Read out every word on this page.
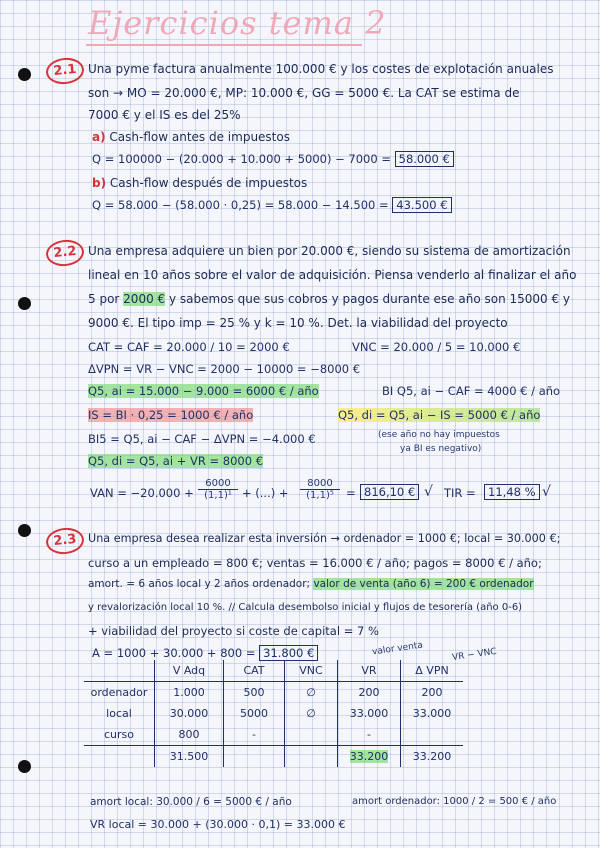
Ejercicios tema 2
2.1 Una pyme factura anualmente 100.000 € y los costes de explotación anuales
son → MO = 20.000 €, MP: 10.000 €, GG = 5000 €. La CAT se estima de
7000 € y el IS es del 25%
a) Cash-flow antes de impuestos
Q = 100000 − (20.000 + 10.000 + 5000) − 7000 = 58.000 €
b) Cash-flow después de impuestos
Q = 58.000 − (58.000 · 0,25) = 58.000 − 14.500 = 43.500 €
2.2 Una empresa adquiere un bien por 20.000 €, siendo su sistema de amortización
lineal en 10 años sobre el valor de adquisición. Piensa venderlo al finalizar el año
5 por 2000 € y sabemos que sus cobros y pagos durante ese año son 15000 € y
9000 €. El tipo imp = 25 % y k = 10 %. Det. la viabilidad del proyecto
CAT = CAF = 20.000 / 10 = 2000 €	VNC = 20.000 / 5 = 10.000 €
ΔVPN = VR − VNC = 2000 − 10000 = −8000 €
Q5, ai = 15.000 − 9.000 = 6000 € / año	BI Q5, ai − CAF = 4000 € / año
IS = BI · 0,25 = 1000 € / año	Q5, di = Q5, ai − IS = 5000 € / año
BI5 = Q5, ai − CAF − ΔVPN = −4.000 €	(ese año no hay impuestos
ya BI es negativo)
Q5, di = Q5, ai + VR = 8000 €
VAN = −20.000 +
6000
(1,1)¹ + (...) +
8000
(1,1)⁵	= 816,10 € √ TIR =	11,48 % √
2.3 Una empresa desea realizar esta inversión → ordenador = 1000 €; local = 30.000 €;
curso a un empleado = 800 €; ventas = 16.000 € / año; pagos = 8000 € / año;
amort. = 6 años local y 2 años ordenador; valor de venta (año 6) = 200 € ordenador
y revalorización local 10 %. // Calcula desembolso inicial y flujos de tesorería (año 0-6)
+ viabilidad del proyecto si coste de capital = 7 %
A = 1000 + 30.000 + 800 = 31.800 €	valor venta	VR − VNC
	V Adq	CAT	VNC	VR	Δ VPN
ordenador	1.000	500	∅	200	200
local	30.000	5000	∅	33.000	33.000
curso	800	-		-	
	31.500			33.200	33.200
amort local: 30.000 / 6 = 5000 € / año	amort ordenador: 1000 / 2 = 500 € / año
VR local = 30.000 + (30.000 · 0,1) = 33.000 €
